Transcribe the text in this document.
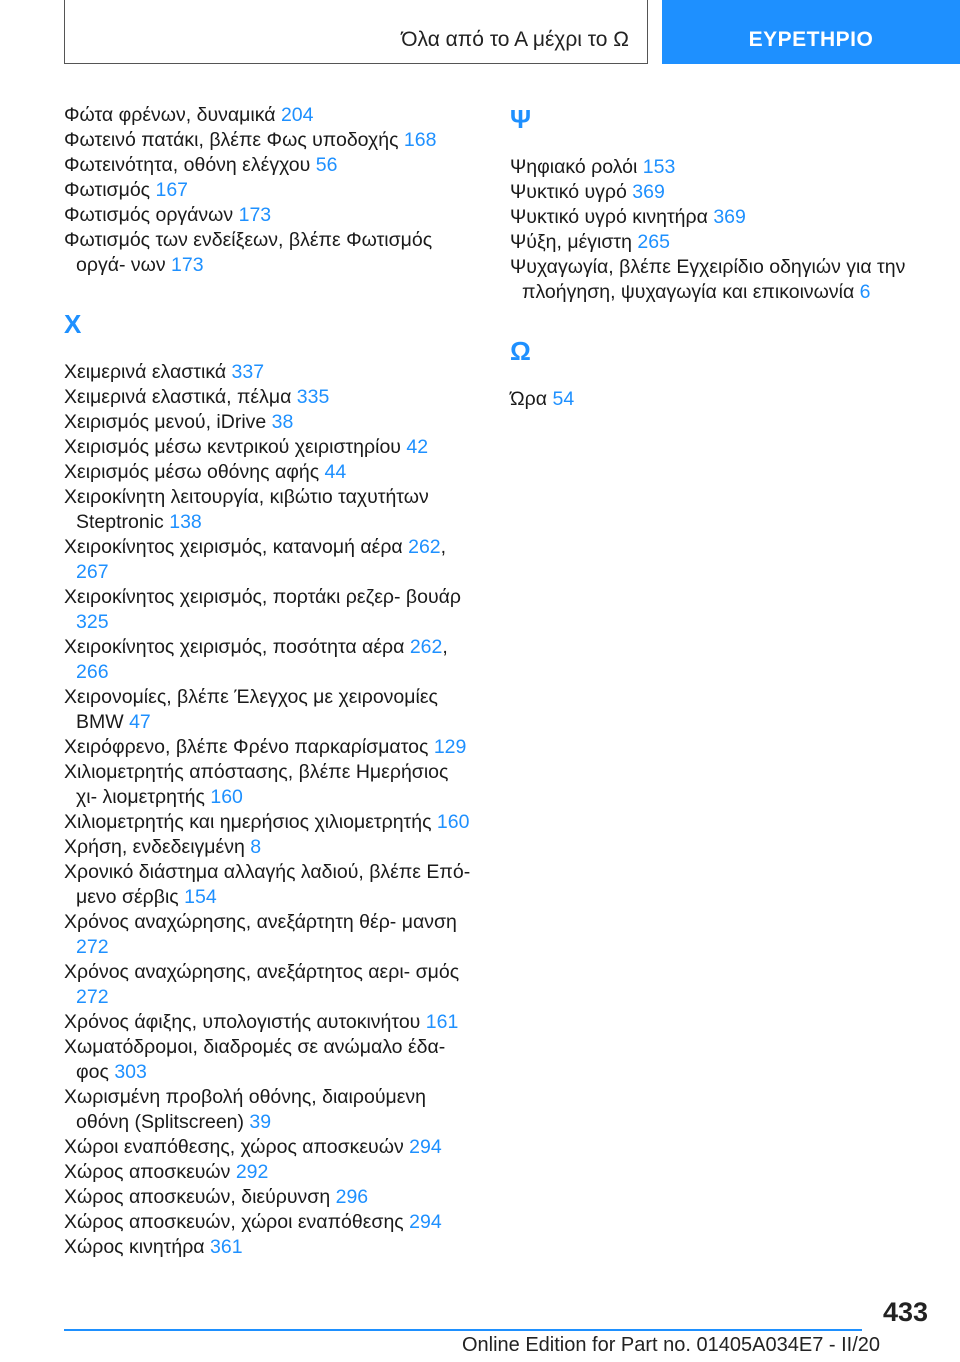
Όλα από το Α μέχρι το Ω	ΕΥΡΕΤΗΡΙΟ

Φώτα φρένων, δυναμικά 204

Φωτεινό πατάκι, βλέπε Φως υποδοχής 168

Φωτεινότητα, οθόνη ελέγχου 56

Φωτισμός 167

Φωτισμός οργάνων 173

Φωτισμός των ενδείξεων, βλέπε Φωτισμός οργά‐ νων 173

X

Χειμερινά ελαστικά 337

Χειμερινά ελαστικά, πέλμα 335

Χειρισμός μενού, iDrive 38

Χειρισμός μέσω κεντρικού χειριστηρίου 42

Χειρισμός μέσω οθόνης αφής 44

Χειροκίνητη λειτουργία, κιβώτιο ταχυτήτων Steptronic 138

Χειροκίνητος χειρισμός, κατανομή αέρα 262, 267

Χειροκίνητος χειρισμός, πορτάκι ρεζερ‐ βουάρ 325

Χειροκίνητος χειρισμός, ποσότητα αέρα 262, 266

Χειρονομίες, βλέπε Έλεγχος με χειρονομίες BMW 47

Χειρόφρενο, βλέπε Φρένο παρκαρίσματος 129

Χιλιομετρητής απόστασης, βλέπε Ημερήσιος χι‐ λιομετρητής 160

Χιλιομετρητής και ημερήσιος χιλιομετρητής 160

Χρήση, ενδεδειγμένη 8

Χρονικό διάστημα αλλαγής λαδιού, βλέπε Επό‐ μενο σέρβις 154

Χρόνος αναχώρησης, ανεξάρτητη θέρ‐ μανση 272

Χρόνος αναχώρησης, ανεξάρτητος αερι‐ σμός 272

Χρόνος άφιξης, υπολογιστής αυτοκινήτου 161

Χωματόδρομοι, διαδρομές σε ανώμαλο έδα‐ φος 303

Χωρισμένη προβολή οθόνης, διαιρούμενη οθόνη (Splitscreen) 39

Χώροι εναπόθεσης, χώρος αποσκευών 294

Χώρος αποσκευών 292

Χώρος αποσκευών, διεύρυνση 296

Χώρος αποσκευών, χώροι εναπόθεσης 294

Χώρος κινητήρα 361

Ψ

Ψηφιακό ρολόι 153

Ψυκτικό υγρό 369

Ψυκτικό υγρό κινητήρα 369

Ψύξη, μέγιστη 265

Ψυχαγωγία, βλέπε Εγχειρίδιο οδηγιών για την πλοήγηση, ψυχαγωγία και επικοινωνία 6

Ω

Ώρα 54

433
Online Edition for Part no. 01405A034E7 - II/20
